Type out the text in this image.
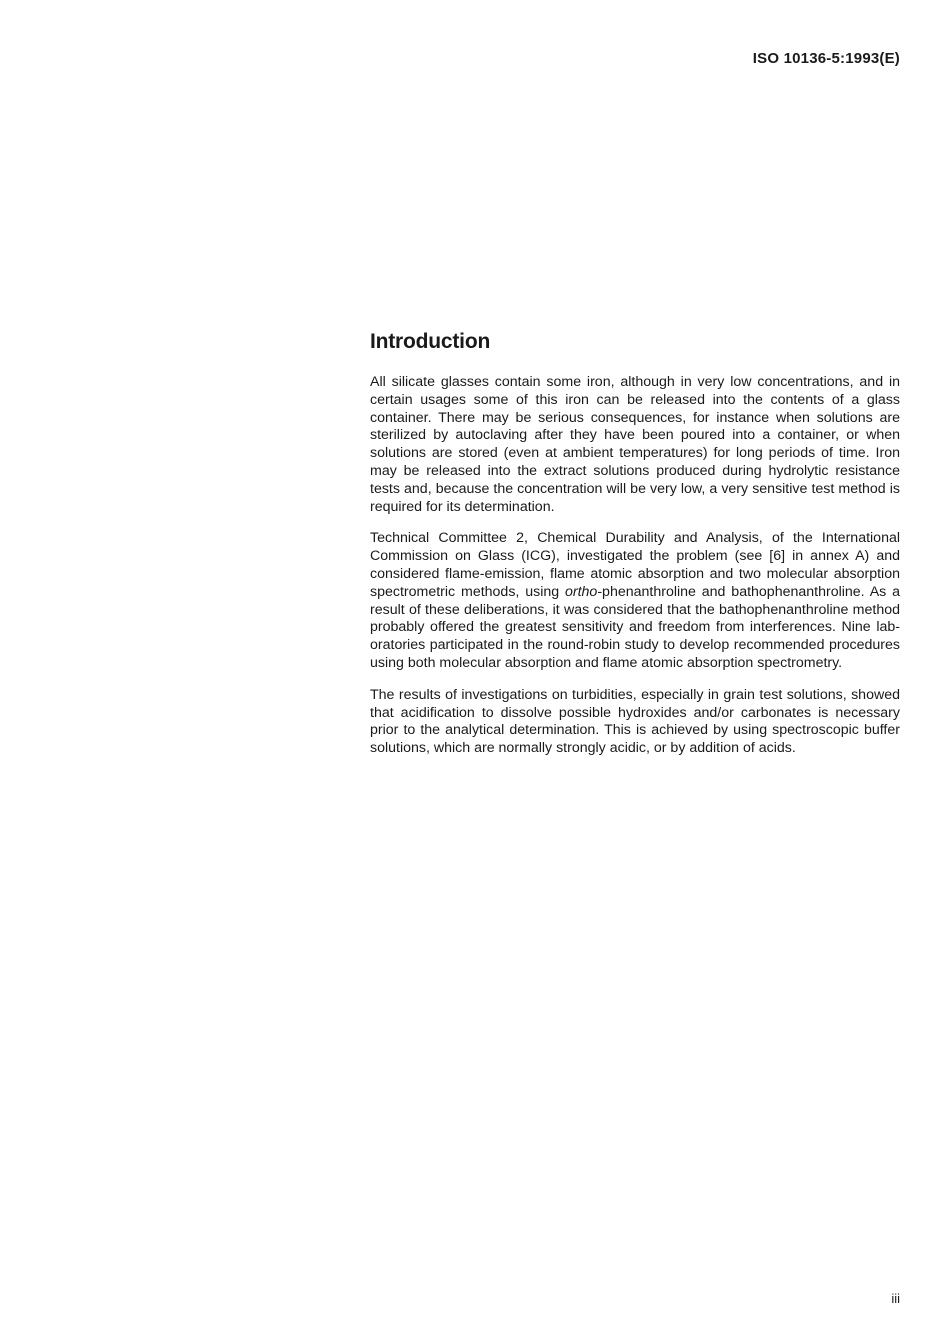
ISO 10136-5:1993(E)
Introduction

All silicate glasses contain some iron, although in very low concentrations, and in certain usages some of this iron can be released into the contents of a glass container. There may be serious consequences, for instance when solutions are sterilized by autoclaving after they have been poured into a container, or when solutions are stored (even at ambient temperatures) for long periods of time. Iron may be released into the extract solutions produced during hydrolytic resistance tests and, because the concentration will be very low, a very sensitive test method is required for its determination.

Technical Committee 2, Chemical Durability and Analysis, of the International Commission on Glass (ICG), investigated the problem (see [6] in annex A) and considered flame-emission, flame atomic absorption and two molecular absorption spectrometric methods, using ortho-phenanthroline and bathophenanthroline. As a result of these deliberations, it was considered that the bathophenanthroline method probably offered the greatest sensitivity and freedom from interferences. Nine laboratories participated in the round-robin study to develop recommended procedures using both molecular absorption and flame atomic absorption spectrometry.

The results of investigations on turbidities, especially in grain test solutions, showed that acidification to dissolve possible hydroxides and/or carbonates is necessary prior to the analytical determination. This is achieved by using spectroscopic buffer solutions, which are normally strongly acidic, or by addition of acids.

iii
